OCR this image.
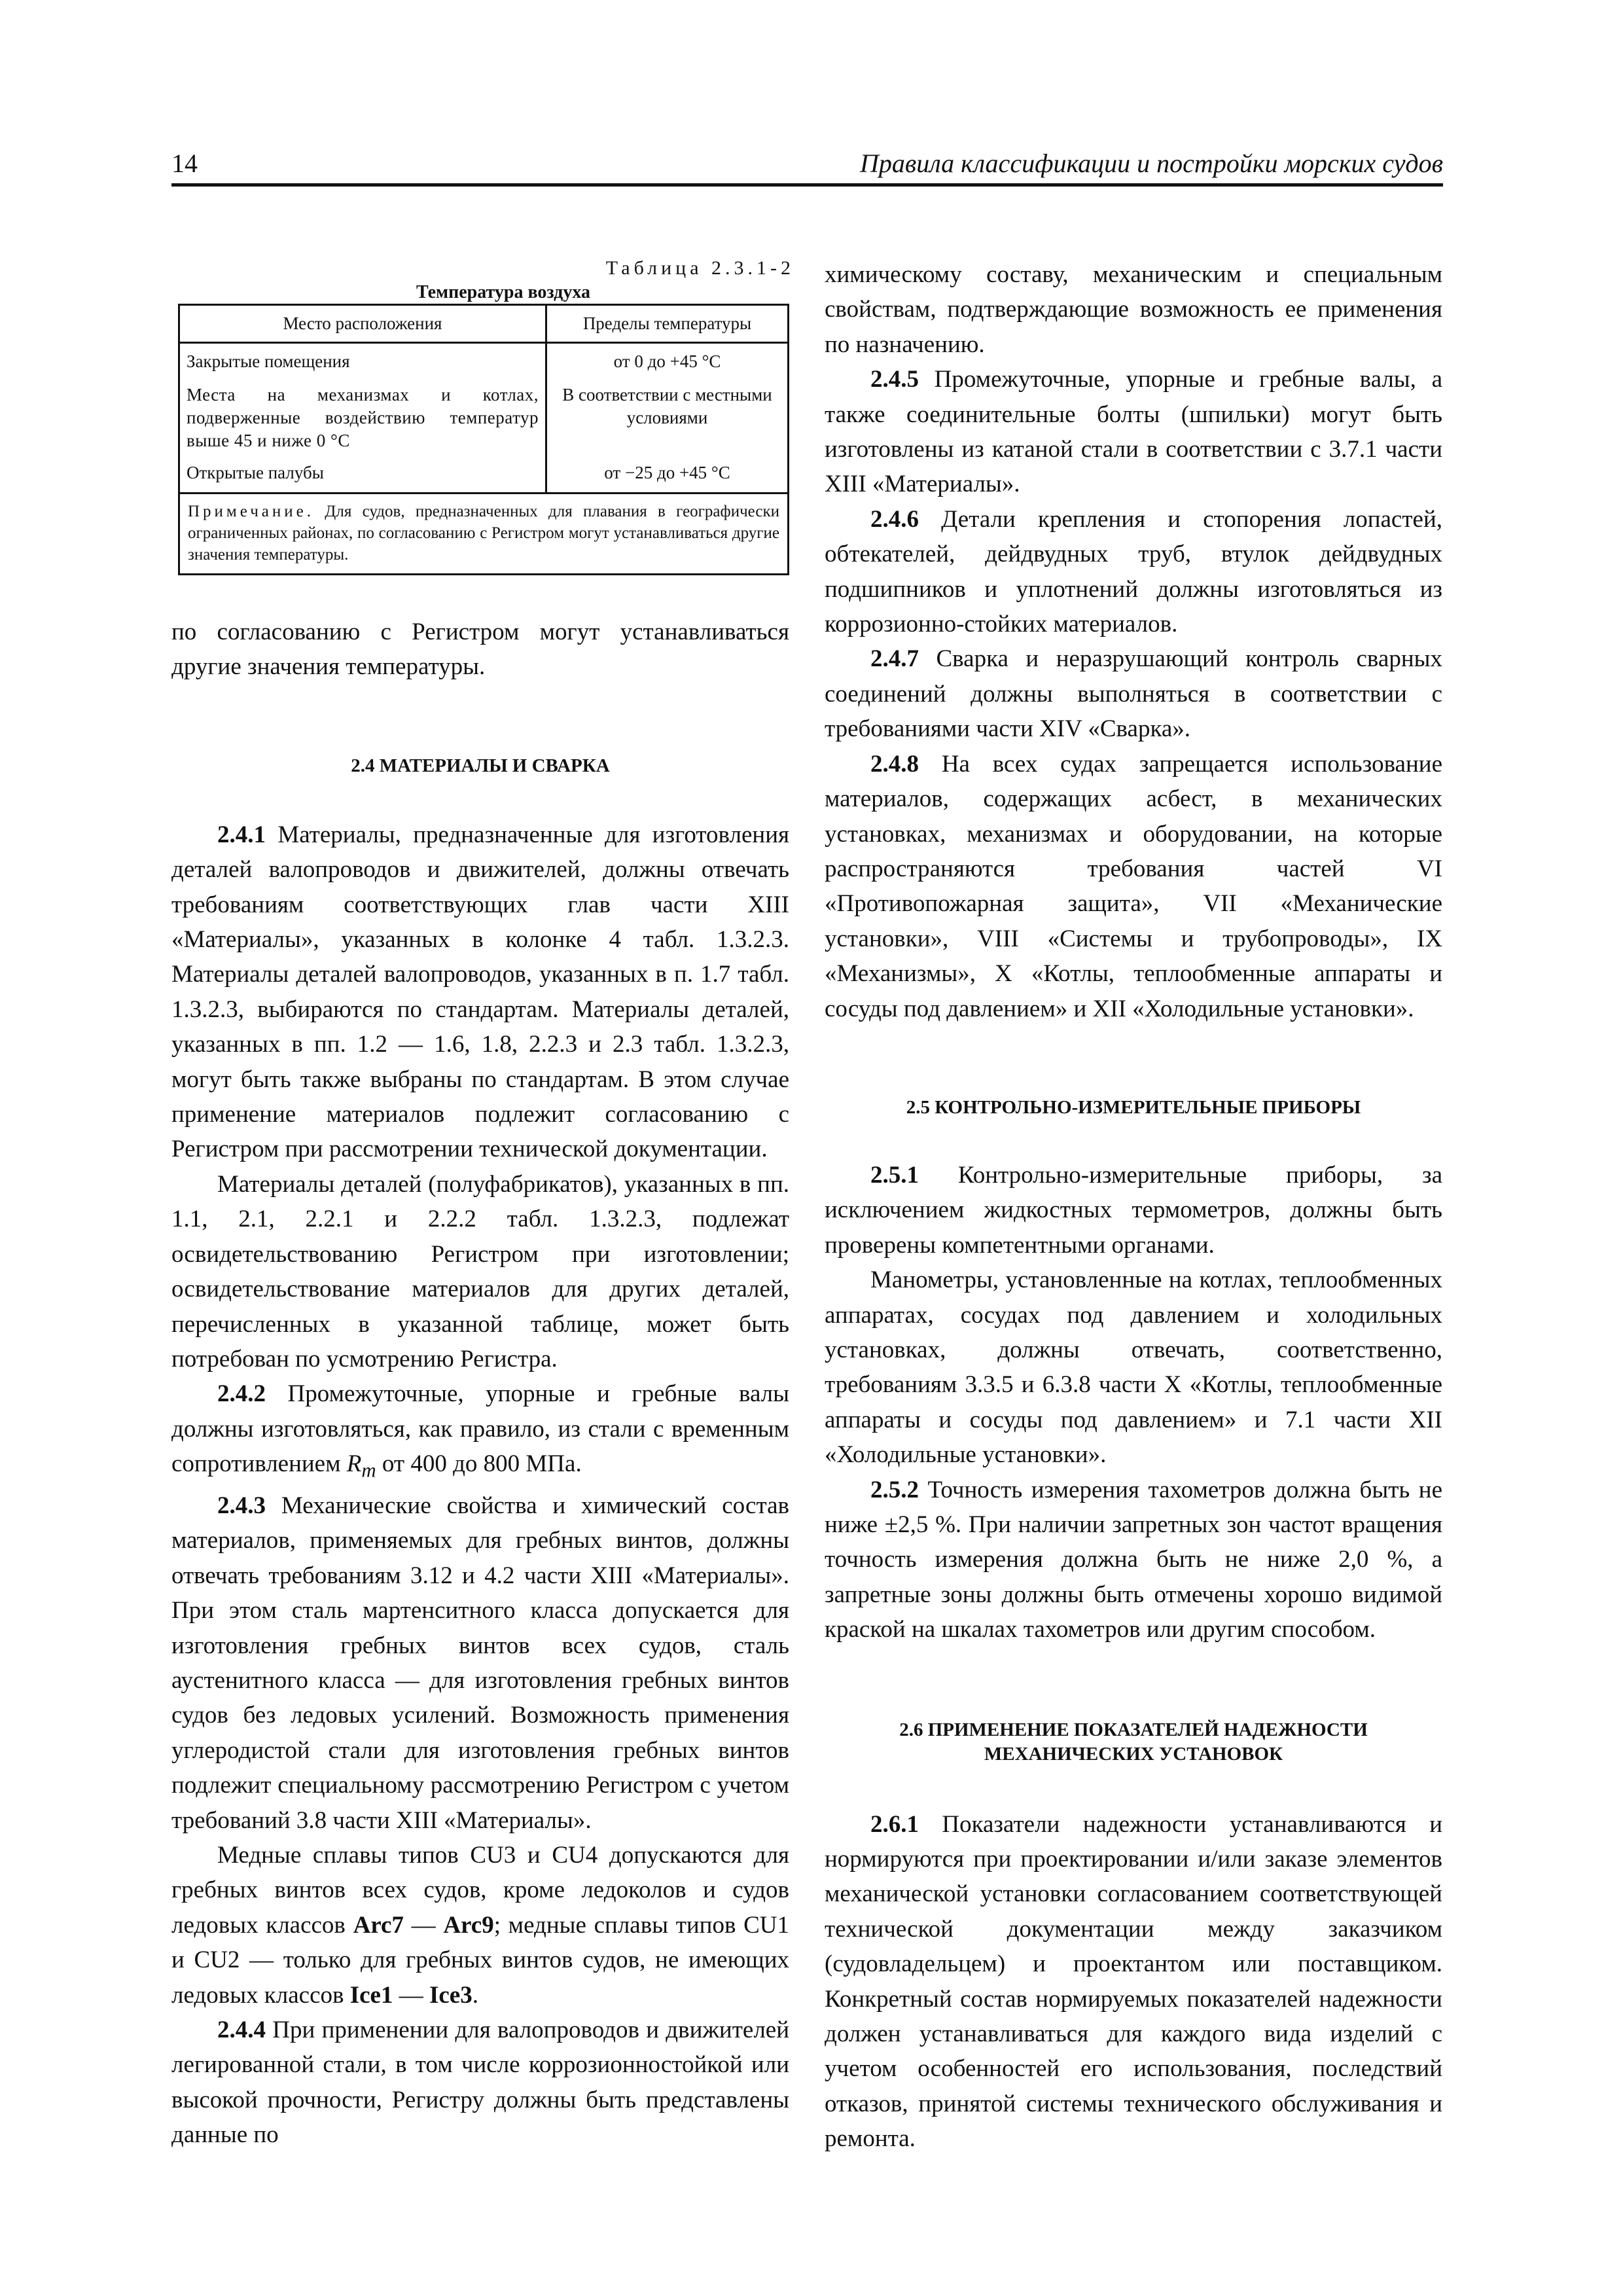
14	Правила классификации и постройки морских судов
Таблица 2.3.1-2
Температура воздуха
Место расположения	Пределы температуры
Закрытые помещения	от 0 до +45 °С
Места на механизмах и котлах, подверженные воздействию температур выше 45 и ниже 0 °С	В соответствии с местными условиями
Открытые палубы	от −25 до +45 °С
Примечание. Для судов, предназначенных для плавания в географически ограниченных районах, по согласованию с Регистром могут устанавливаться другие значения температуры.	

по согласованию с Регистром могут устанавливаться другие значения температуры.

2.4 МАТЕРИАЛЫ И СВАРКА

2.4.1 Материалы, предназначенные для изготовления деталей валопроводов и движителей, должны отвечать требованиям соответствующих глав части XIII «Материалы», указанных в колонке 4 табл. 1.3.2.3. Материалы деталей валопроводов, указанных в п. 1.7 табл. 1.3.2.3, выбираются по стандартам. Материалы деталей, указанных в пп. 1.2 — 1.6, 1.8, 2.2.3 и 2.3 табл. 1.3.2.3, могут быть также выбраны по стандартам. В этом случае применение материалов подлежит согласованию с Регистром при рассмотрении технической документации.

Материалы деталей (полуфабрикатов), указанных в пп. 1.1, 2.1, 2.2.1 и 2.2.2 табл. 1.3.2.3, подлежат освидетельствованию Регистром при изготовлении; освидетельствование материалов для других деталей, перечисленных в указанной таблице, может быть потребован по усмотрению Регистра.

2.4.2 Промежуточные, упорные и гребные валы должны изготовляться, как правило, из стали с временным сопротивлением $R_m$ от 400 до 800 МПа.

2.4.3 Механические свойства и химический состав материалов, применяемых для гребных винтов, должны отвечать требованиям 3.12 и 4.2 части XIII «Материалы». При этом сталь мартенситного класса допускается для изготовления гребных винтов всех судов, сталь аустенитного класса — для изготовления гребных винтов судов без ледовых усилений. Возможность применения углеродистой стали для изготовления гребных винтов подлежит специальному рассмотрению Регистром с учетом требований 3.8 части XIII «Материалы».

Медные сплавы типов CU3 и CU4 допускаются для гребных винтов всех судов, кроме ледоколов и судов ледовых классов Arc7 — Arc9; медные сплавы типов CU1 и CU2 — только для гребных винтов судов, не имеющих ледовых классов Ice1 — Ice3.

2.4.4 При применении для валопроводов и движителей легированной стали, в том числе коррозионностойкой или высокой прочности, Регистру должны быть представлены данные по

химическому составу, механическим и специальным свойствам, подтверждающие возможность ее применения по назначению.

2.4.5 Промежуточные, упорные и гребные валы, а также соединительные болты (шпильки) могут быть изготовлены из катаной стали в соответствии с 3.7.1 части XIII «Материалы».

2.4.6 Детали крепления и стопорения лопастей, обтекателей, дейдвудных труб, втулок дейдвудных подшипников и уплотнений должны изготовляться из коррозионно-стойких материалов.

2.4.7 Сварка и неразрушающий контроль сварных соединений должны выполняться в соответствии с требованиями части XIV «Сварка».

2.4.8 На всех судах запрещается использование материалов, содержащих асбест, в механических установках, механизмах и оборудовании, на которые распространяются требования частей VI «Противопожарная защита», VII «Механические установки», VIII «Системы и трубопроводы», IX «Механизмы», X «Котлы, теплообменные аппараты и сосуды под давлением» и XII «Холодильные установки».

2.5 КОНТРОЛЬНО-ИЗМЕРИТЕЛЬНЫЕ ПРИБОРЫ

2.5.1 Контрольно-измерительные приборы, за исключением жидкостных термометров, должны быть проверены компетентными органами.

Манометры, установленные на котлах, теплообменных аппаратах, сосудах под давлением и холодильных установках, должны отвечать, соответственно, требованиям 3.3.5 и 6.3.8 части X «Котлы, теплообменные аппараты и сосуды под давлением» и 7.1 части XII «Холодильные установки».

2.5.2 Точность измерения тахометров должна быть не ниже ±2,5 %. При наличии запретных зон частот вращения точность измерения должна быть не ниже 2,0 %, а запретные зоны должны быть отмечены хорошо видимой краской на шкалах тахометров или другим способом.

2.6 ПРИМЕНЕНИЕ ПОКАЗАТЕЛЕЙ НАДЕЖНОСТИ
МЕХАНИЧЕСКИХ УСТАНОВОК

2.6.1 Показатели надежности устанавливаются и нормируются при проектировании и/или заказе элементов механической установки согласованием соответствующей технической документации между заказчиком (судовладельцем) и проектантом или поставщиком. Конкретный состав нормируемых показателей надежности должен устанавливаться для каждого вида изделий с учетом особенностей его использования, последствий отказов, принятой системы технического обслуживания и ремонта.
